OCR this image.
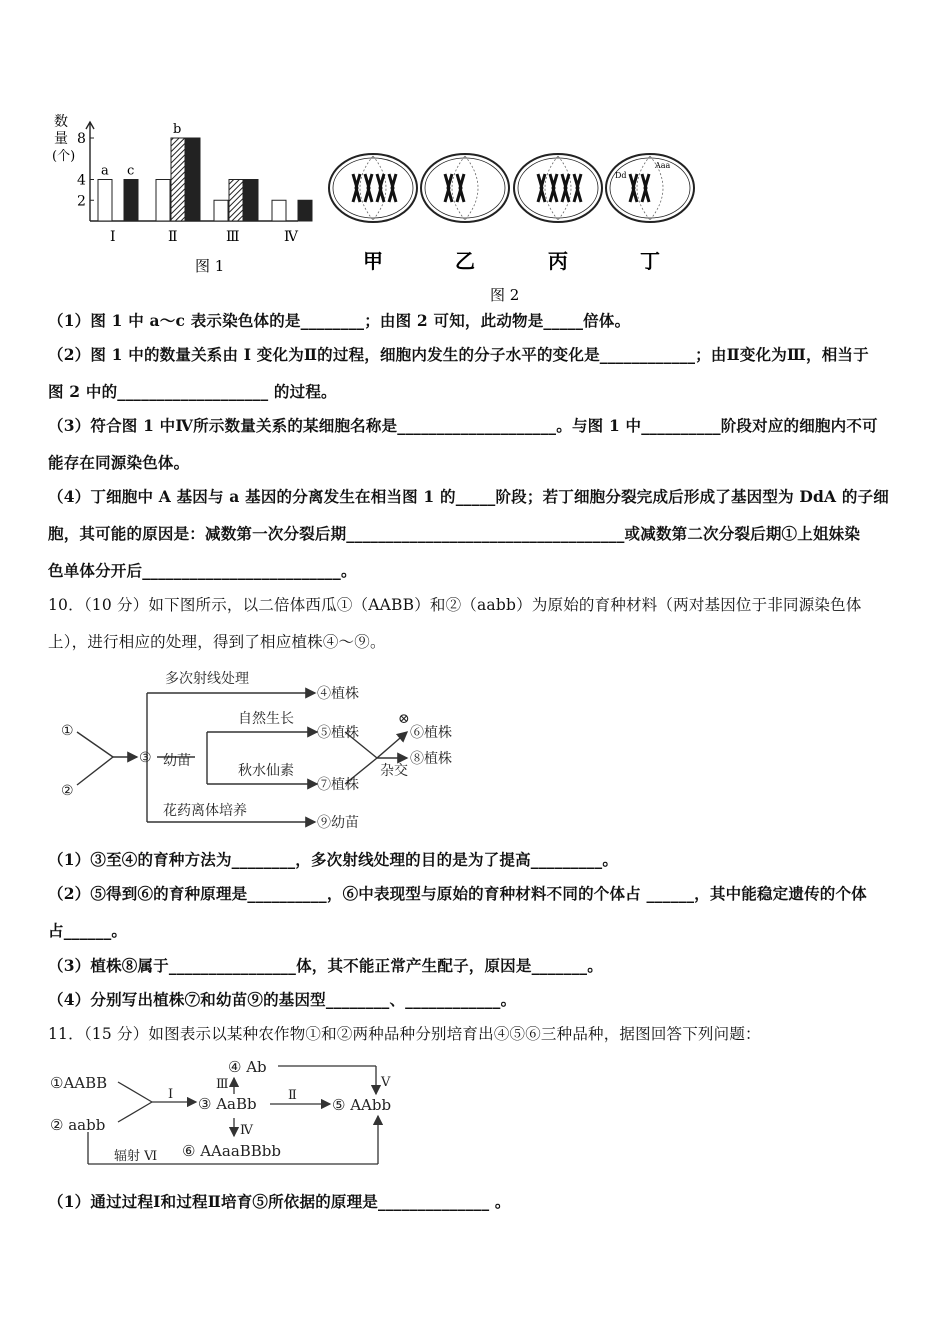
数
量
(个)
2
4
8
a c
Ⅰ
b
Ⅱ	Ⅲ	Ⅳ
图 1	甲	乙	丙	丁
Dd
Aaa
图 2
（1）图 1 中 a～c 表示染色体的是________；由图 2 可知，此动物是_____倍体。
（2）图 1 中的数量关系由 I 变化为Ⅱ的过程，细胞内发生的分子水平的变化是____________；由Ⅱ变化为Ⅲ，相当于
图 2 中的___________________ 的过程。
（3）符合图 1 中Ⅳ所示数量关系的某细胞名称是____________________。与图 1 中__________阶段对应的细胞内不可
能存在同源染色体。
（4）丁细胞中 A 基因与 a 基因的分离发生在相当图 1 的_____阶段；若丁细胞分裂完成后形成了基因型为 DdA 的子细
胞，其可能的原因是：减数第一次分裂后期___________________________________或减数第二次分裂后期①上姐妹染
色单体分开后_________________________。
10．（10 分）如下图所示，以二倍体西瓜①（AABB）和②（aabb）为原始的育种材料（两对基因位于非同源染色体
上），进行相应的处理，得到了相应植株④～⑨。
①
②
③ 幼苗
多次射线处理
④植株
自然生长
⑤植株
秋水仙素
⑦植株
⊗
⑥植株
杂交
⑧植株
花药离体培养
⑨幼苗
（1）③至④的育种方法为________，多次射线处理的目的是为了提高_________。
（2）⑤得到⑥的育种原理是__________，⑥中表现型与原始的育种材料不同的个体占 ______，其中能稳定遗传的个体
占______。
（3）植株⑧属于________________体，其不能正常产生配子，原因是_______。
（4）分别写出植株⑦和幼苗⑨的基因型________、____________。
11．（15 分）如图表示以某种农作物①和②两种品种分别培育出④⑤⑥三种品种，据图回答下列问题：
①AABB
② aabb
③ AaBb
④ Ab
⑤ AAbb
⑥ AAaaBBbb
Ⅰ	Ⅱ
Ⅲ
Ⅳ
Ⅴ
辐射 Ⅵ
（1）通过过程Ⅰ和过程Ⅱ培育⑤所依据的原理是______________ 。
